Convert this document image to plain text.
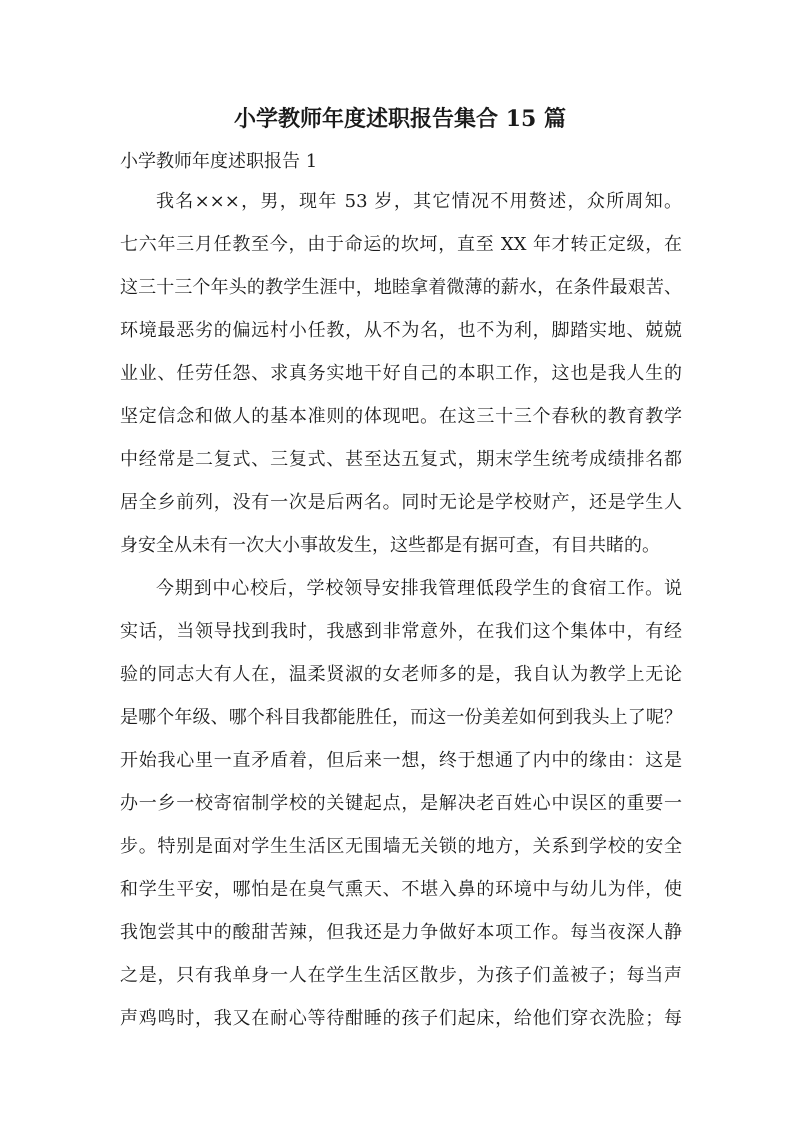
小学教师年度述职报告集合 15 篇

小学教师年度述职报告 1

我名×××，男，现年 53 岁，其它情况不用赘述，众所周知。

七六年三月任教至今，由于命运的坎坷，直至 XX 年才转正定级，在

这三十三个年头的教学生涯中，地睦拿着微薄的薪水，在条件最艰苦、

环境最恶劣的偏远村小任教，从不为名，也不为利，脚踏实地、兢兢

业业、任劳任怨、求真务实地干好自己的本职工作，这也是我人生的

坚定信念和做人的基本准则的体现吧。在这三十三个春秋的教育教学

中经常是二复式、三复式、甚至达五复式，期末学生统考成绩排名都

居全乡前列，没有一次是后两名。同时无论是学校财产，还是学生人

身安全从未有一次大小事故发生，这些都是有据可查，有目共睹的。

今期到中心校后，学校领导安排我管理低段学生的食宿工作。说

实话，当领导找到我时，我感到非常意外，在我们这个集体中，有经

验的同志大有人在，温柔贤淑的女老师多的是，我自认为教学上无论

是哪个年级、哪个科目我都能胜任，而这一份美差如何到我头上了呢？

开始我心里一直矛盾着，但后来一想，终于想通了内中的缘由：这是

办一乡一校寄宿制学校的关键起点，是解决老百姓心中误区的重要一

步。特别是面对学生生活区无围墙无关锁的地方，关系到学校的安全

和学生平安，哪怕是在臭气熏天、不堪入鼻的环境中与幼儿为伴，使

我饱尝其中的酸甜苦辣，但我还是力争做好本项工作。每当夜深人静

之是，只有我单身一人在学生生活区散步，为孩子们盖被子；每当声

声鸡鸣时，我又在耐心等待酣睡的孩子们起床，给他们穿衣洗脸；每
